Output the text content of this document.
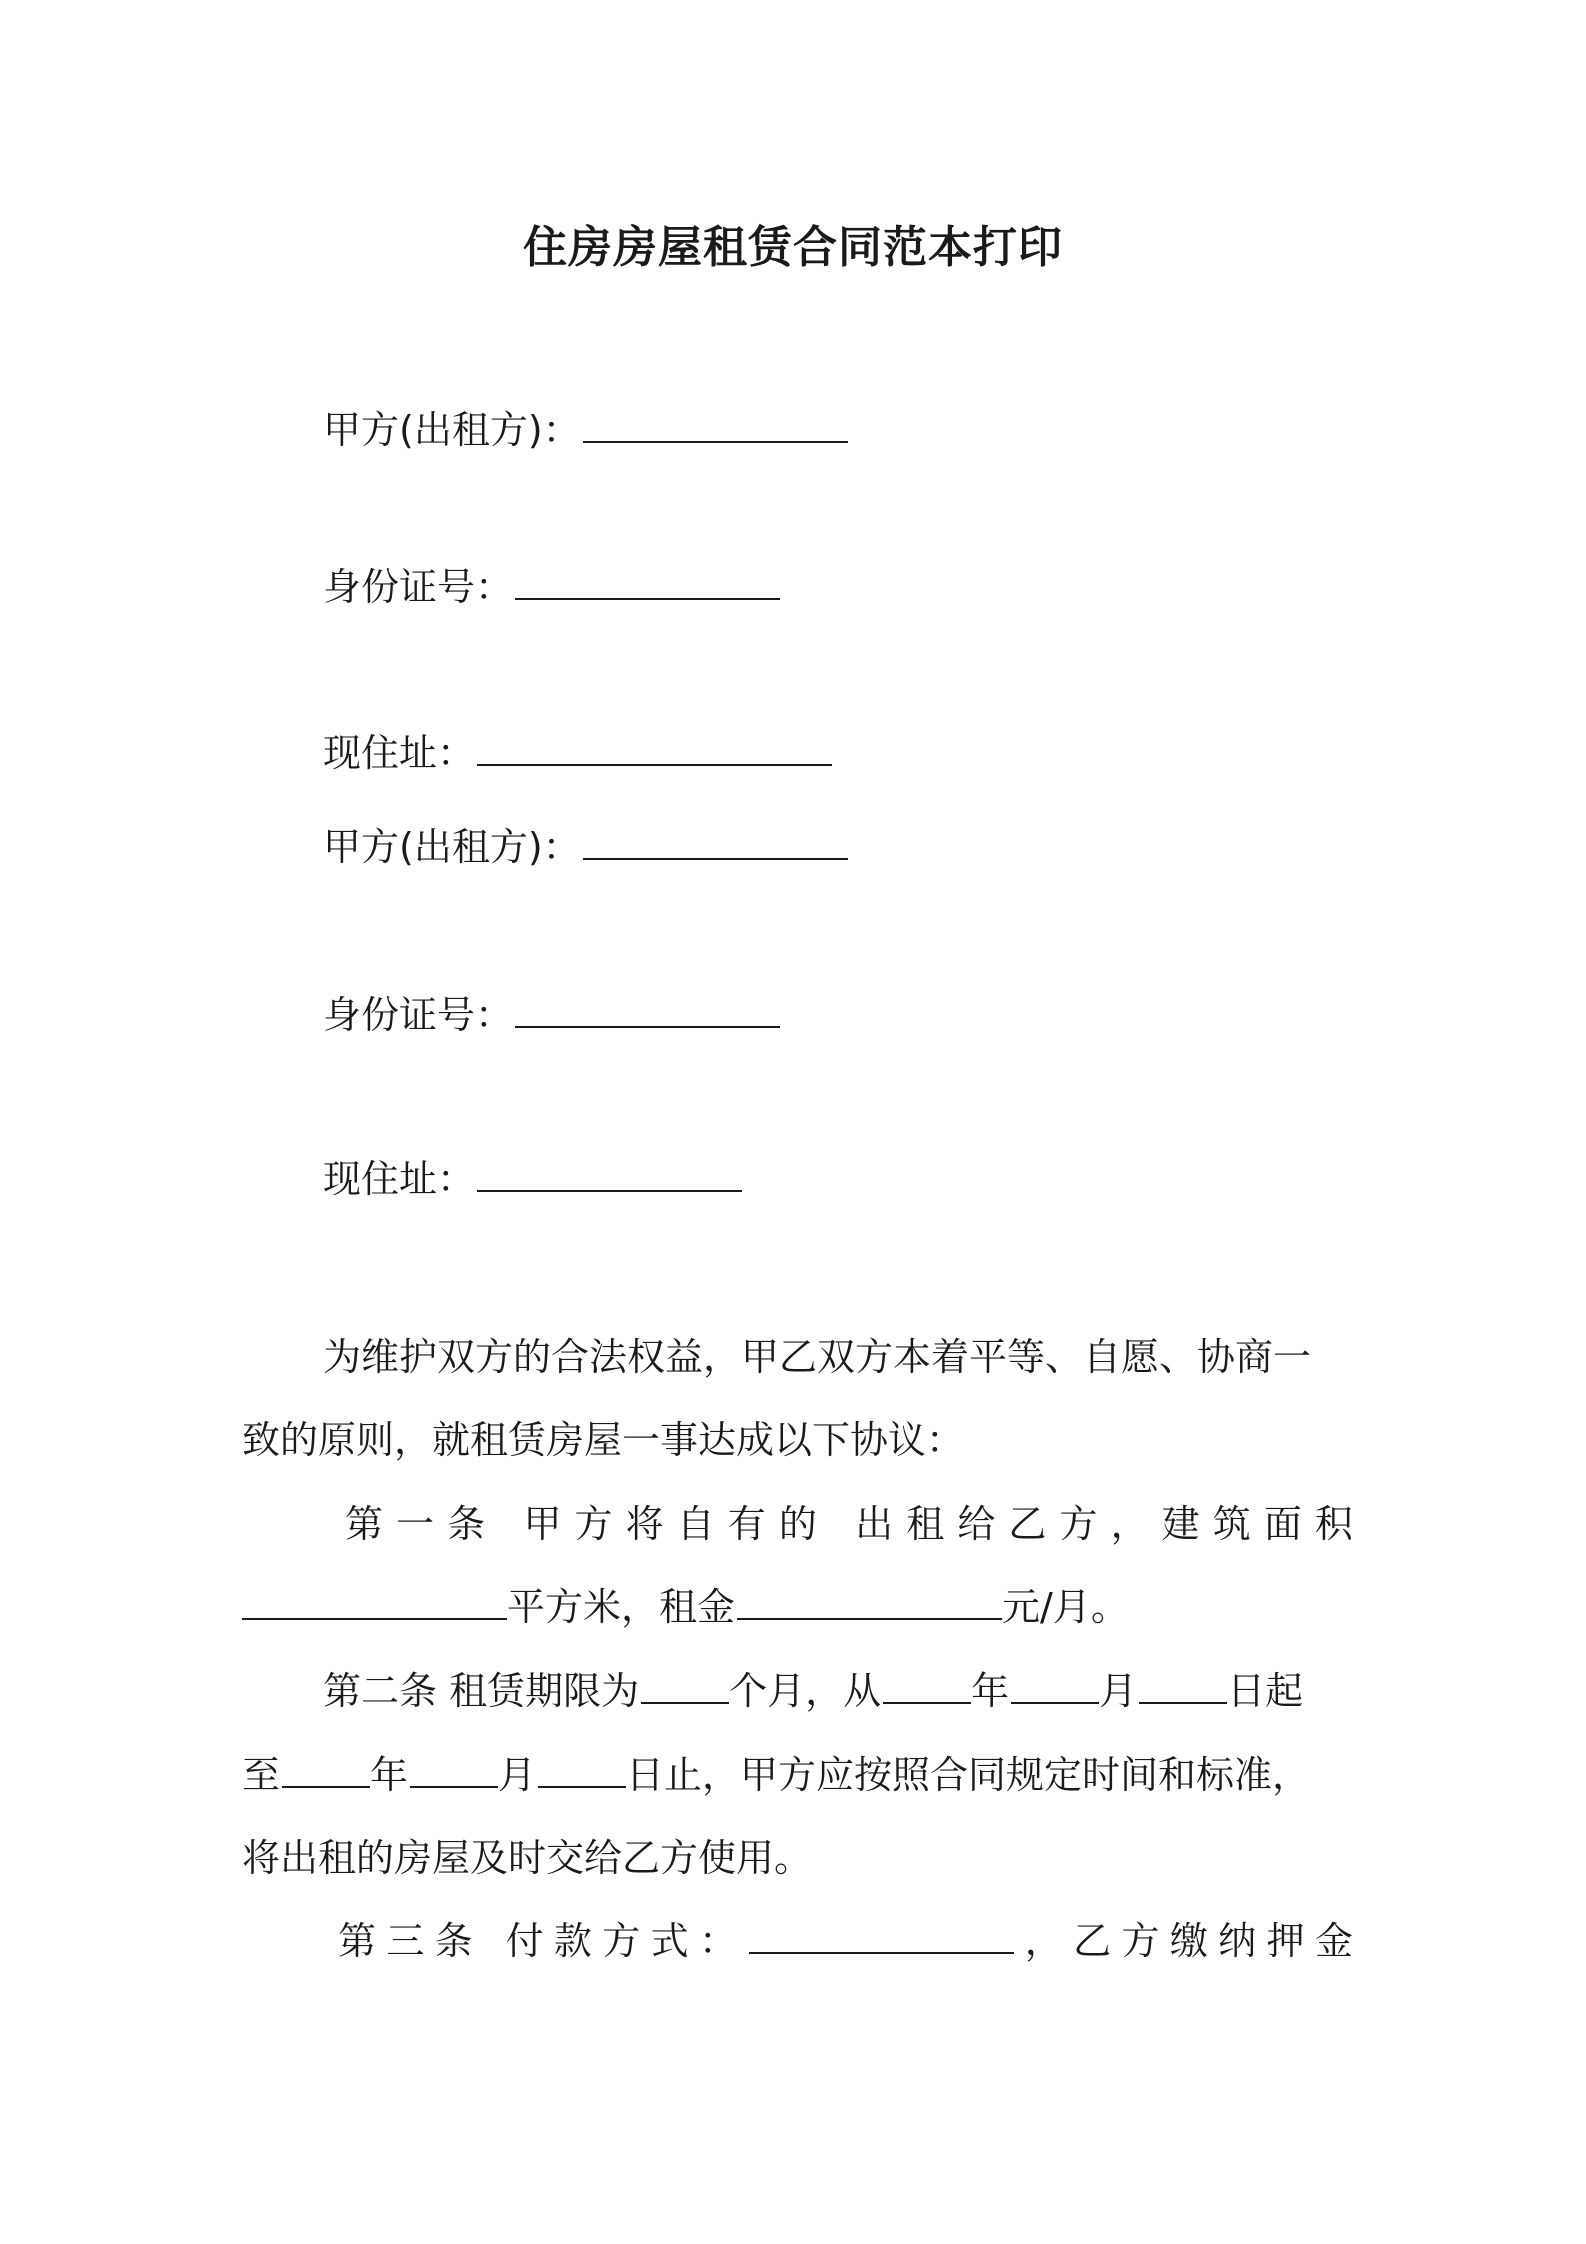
住房房屋租赁合同范本打印
甲方(出租方)：
身份证号：
现住址：
甲方(出租方)：
身份证号：
现住址：
为维护双方的合法权益，甲乙双方本着平等、自愿、协商一
致的原则，就租赁房屋一事达成以下协议：
第一条 甲方将自有的 出租给乙方，建筑面积
平方米，租金	元/月。
第二条 租赁期限为 个月，从 年 月 日起
至 年 月 日止，甲方应按照合同规定时间和标准，
将出租的房屋及时交给乙方使用。
第三条 付款方式：	，乙方缴纳押金
